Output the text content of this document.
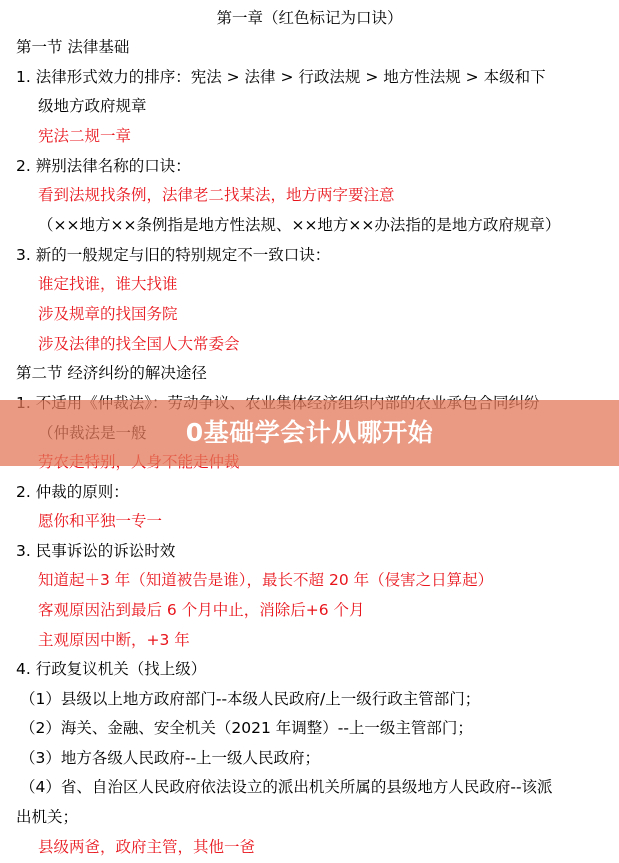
第一章（红色标记为口诀）
第一节 法律基础
1. 法律形式效力的排序：宪法 > 法律 > 行政法规 > 地方性法规 > 本级和下
级地方政府规章
宪法二规一章
2. 辨别法律名称的口诀：
看到法规找条例，法律老二找某法，地方两字要注意
（××地方××条例指是地方性法规、××地方××办法指的是地方政府规章）
3. 新的一般规定与旧的特别规定不一致口诀：
谁定找谁，谁大找谁
涉及规章的找国务院
涉及法律的找全国人大常委会
第二节 经济纠纷的解决途径
2. 仲裁的原则：
愿你和平独一专一
3. 民事诉讼的诉讼时效
知道起＋3 年（知道被告是谁），最长不超 20 年（侵害之日算起）
客观原因沾到最后 6 个月中止，消除后+6 个月
主观原因中断，+3 年
4. 行政复议机关（找上级）
（1）县级以上地方政府部门--本级人民政府/上一级行政主管部门；
（2）海关、金融、安全机关（2021 年调整）--上一级主管部门；
（3）地方各级人民政府--上一级人民政府；
（4）省、自治区人民政府依法设立的派出机关所属的县级地方人民政府--该派
出机关；
县级两爸，政府主管，其他一爸
0基础学会计从哪开始
